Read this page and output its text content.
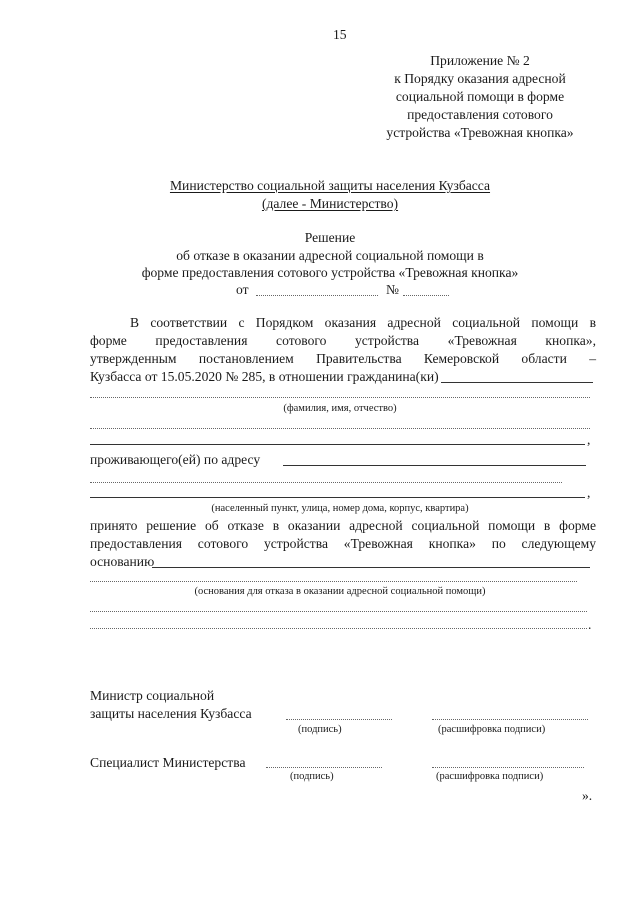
15
Приложение № 2
к Порядку оказания адресной
социальной помощи в форме
предоставления сотового
устройства «Тревожная кнопка»
Министерство социальной защиты населения Кузбасса
(далее - Министерство)
Решение
об отказе в оказании адресной социальной помощи в
форме предоставления сотового устройства «Тревожная кнопка»
от	№
В соответствии с Порядком оказания адресной социальной помощи в
форме предоставления сотового устройства «Тревожная кнопка»,
утвержденным постановлением Правительства Кемеровской области –
Кузбасса от 15.05.2020 № 285, в отношении гражданина(ки)
(фамилия, имя, отчество)
,
проживающего(ей) по адресу
,
(населенный пункт, улица, номер дома, корпус, квартира)
принято решение об отказе в оказании адресной социальной помощи в форме
предоставления сотового устройства «Тревожная кнопка» по следующему
основанию
(основания для отказа в оказании адресной социальной помощи)
.
Министр социальной
защиты населения Кузбасса
(подпись)	(расшифровка подписи)
Специалист Министерства
(подпись)	(расшифровка подписи)
».
